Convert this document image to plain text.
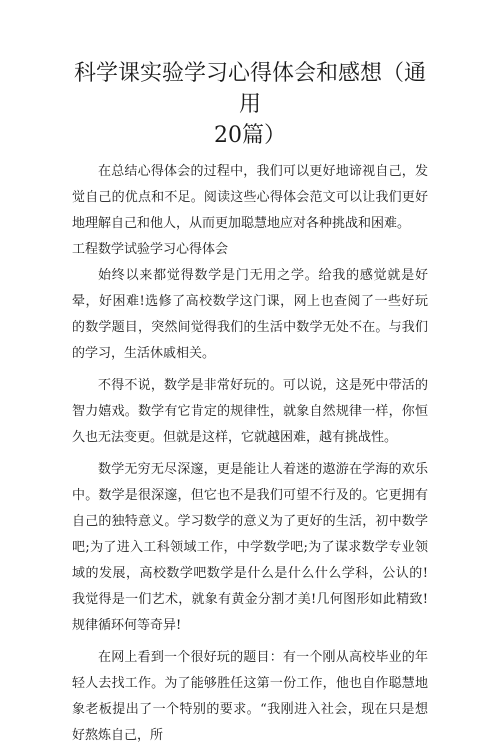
科学课实验学习心得体会和感想（通用
20篇）

在总结心得体会的过程中，我们可以更好地谛视自己，发觉自己的优点和不足。阅读这些心得体会范文可以让我们更好地理解自己和他人，从而更加聪慧地应对各种挑战和困难。

工程数学试验学习心得体会

始终以来都觉得数学是门无用之学。给我的感觉就是好晕，好困难!选修了高校数学这门课，网上也查阅了一些好玩的数学题目，突然间觉得我们的生活中数学无处不在。与我们的学习，生活休戚相关。

不得不说，数学是非常好玩的。可以说，这是死中带活的智力嬉戏。数学有它肯定的规律性，就象自然规律一样，你恒久也无法变更。但就是这样，它就越困难，越有挑战性。

数学无穷无尽深邃，更是能让人着迷的遨游在学海的欢乐中。数学是很深邃，但它也不是我们可望不行及的。它更拥有自己的独特意义。学习数学的意义为了更好的生活，初中数学吧;为了进入工科领域工作，中学数学吧;为了谋求数学专业领域的发展，高校数学吧数学是什么是什么什么学科，公认的!我觉得是一们艺术，就象有黄金分割才美!几何图形如此精致!规律循环何等奇异!

在网上看到一个很好玩的题目：有一个刚从高校毕业的年轻人去找工作。为了能够胜任这第一份工作，他也自作聪慧地象老板提出了一个特别的要求。“我刚进入社会，现在只是想好熬炼自己，所
